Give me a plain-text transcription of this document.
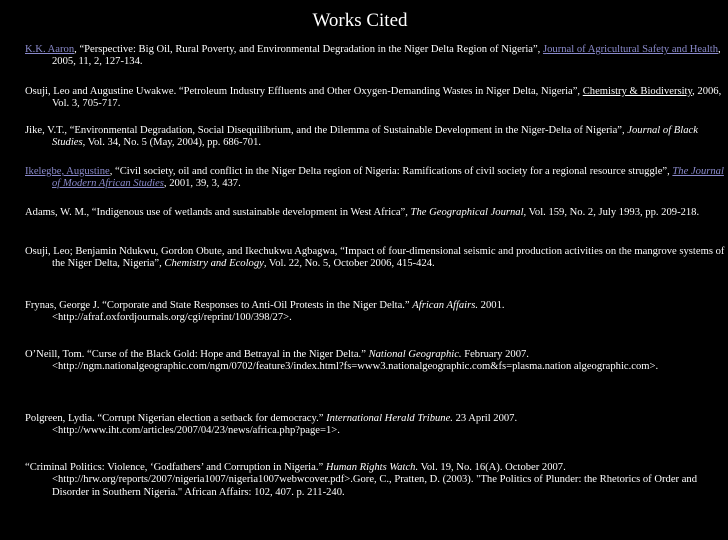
Works Cited
K.K. Aaron, “Perspective: Big Oil, Rural Poverty, and Environmental Degradation in the Niger Delta Region of Nigeria”, Journal of Agricultural Safety and Health, 2005, 11, 2, 127-134.
Osuji, Leo and Augustine Uwakwe. “Petroleum Industry Effluents and Other Oxygen-Demanding Wastes in Niger Delta, Nigeria”, Chemistry & Biodiversity, 2006, Vol. 3, 705-717.
Jike, V.T., “Environmental Degradation, Social Disequilibrium, and the Dilemma of Sustainable Development in the Niger-Delta of Nigeria”, Journal of Black Studies, Vol. 34, No. 5 (May, 2004), pp. 686-701.
Ikelegbe, Augustine, “Civil society, oil and conflict in the Niger Delta region of Nigeria: Ramifications of civil society for a regional resource struggle”, The Journal of Modern African Studies, 2001, 39, 3, 437.
Adams, W. M., “Indigenous use of wetlands and sustainable development in West Africa”, The Geographical Journal, Vol. 159, No. 2, July 1993, pp. 209-218.
Osuji, Leo; Benjamin Ndukwu, Gordon Obute, and Ikechukwu Agbagwa, “Impact of four-dimensional seismic and production activities on the mangrove systems of the Niger Delta, Nigeria”, Chemistry and Ecology, Vol. 22, No. 5, October 2006, 415-424.
Frynas, George J. “Corporate and State Responses to Anti-Oil Protests in the Niger Delta.” African Affairs. 2001. <http://afraf.oxfordjournals.org/cgi/reprint/100/398/27>.
O’Neill, Tom. “Curse of the Black Gold: Hope and Betrayal in the Niger Delta.” National Geographic. February 2007. <http://ngm.nationalgeographic.com/ngm/0702/feature3/index.html?fs=www3.nationalgeographic.com&fs=plasma.nation algeographic.com>.
Polgreen, Lydia. “Corrupt Nigerian election a setback for democracy.” International Herald Tribune. 23 April 2007. <http://www.iht.com/articles/2007/04/23/news/africa.php?page=1>.
“Criminal Politics: Violence, ‘Godfathers’ and Corruption in Nigeria.” Human Rights Watch. Vol. 19, No. 16(A). October 2007. <http://hrw.org/reports/2007/nigeria1007/nigeria1007webwcover.pdf>.Gore, C., Pratten, D. (2003). "The Politics of Plunder: the Rhetorics of Order and Disorder in Southern Nigeria." African Affairs: 102, 407. p. 211-240.
